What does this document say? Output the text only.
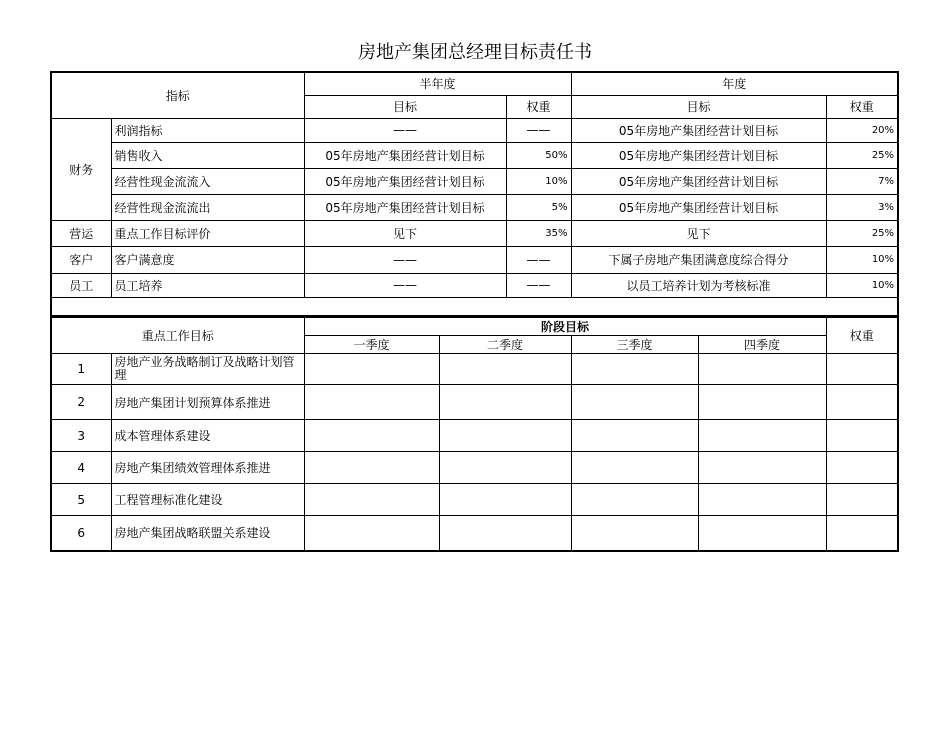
房地产集团总经理目标责任书
指标		半年度		年度	
		目标	权重	目标	权重
财务	利润指标	——	——	05年房地产集团经营计划目标	20%
	销售收入	05年房地产集团经营计划目标	50%	05年房地产集团经营计划目标	25%
	经营性现金流流入	05年房地产集团经营计划目标	10%	05年房地产集团经营计划目标	7%
	经营性现金流流出	05年房地产集团经营计划目标	5%	05年房地产集团经营计划目标	3%
营运	重点工作目标评价	见下	35%	见下	25%
客户	客户满意度	——	——	下属子房地产集团满意度综合得分	10%
员工	员工培养	——	——	以员工培养计划为考核标准	10%

重点工作目标		阶段目标				权重
		一季度	二季度	三季度	四季度	
1	房地产业务战略制订及战略计划管理					
2	房地产集团计划预算体系推进					
3	成本管理体系建设					
4	房地产集团绩效管理体系推进					
5	工程管理标准化建设					
6	房地产集团战略联盟关系建设					
